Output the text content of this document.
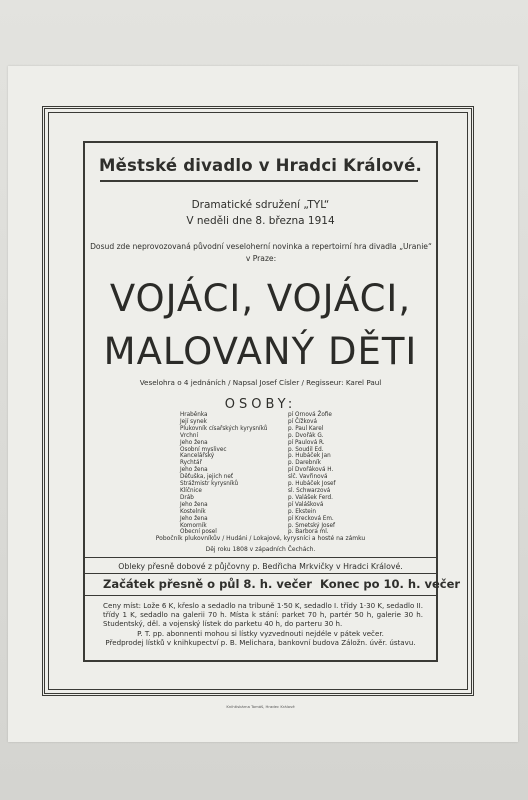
Městské divadlo v Hradci Králové.
Dramatické sdružení „TYL“
V neděli dne 8. března 1914
Dosud zde neprovozovaná původní veseloherní novinka a repertoirní hra divadla „Uranie“ v Praze:
VOJÁCI, VOJÁCI,
MALOVANÝ DĚTI
Veselohra o 4 jednáních / Napsal Josef Císler / Regisseur: Karel Paul
OSOBY:
Hraběnka
Její synek
Plukovník císařských kyrysníků
Vrchní
Jeho žena
Osobní myslivec
Kancelářský
Rychtář
Jeho žena
Děťuška, jejich neť
Strážmistr kyrysníků
Klíčnice
Dráb
Jeho žena
Kostelník
Jeho žena
Komorník
Obecní posel
pí Ornová Žofie
pí Čížková
p. Paul Karel
p. Dvořák G.
pí Paulová R.
p. Soudil Ed.
p. Hubáček Jan
p. Darebník
pí Dvořáková H.
slč. Vavřinová
p. Hubáček Josef
sl. Schwarzová
p. Valášek Ferd.
pí Valášková
p. Ekstein
pí Krecková Em.
p. Smetský Josef
p. Barbora ml.
Pobočník plukovníkův / Hudáni / Lokajové, kyrysníci a hosté na zámku
Děj roku 1808 v západních Čechách.
Obleky přesně dobové z půjčovny p. Bedřicha Mrkvičky v Hradci Králové.
Začátek přesně o půl 8. h. večer Konec po 10. h. večer
Ceny míst: Lože 6 K, křeslo a sedadlo na tribuně 1·50 K, sedadlo I. třídy 1·30 K, sedadlo II. třídy 1 K, sedadlo na galerii 70 h. Místa k stání: parket 70 h, partér 50 h, galerie 30 h. Studentský, děl. a vojenský lístek do parketu 40 h, do parteru 30 h.
P. T. pp. abonnenti mohou si lístky vyzvednouti nejdéle v pátek večer.
Předprodej lístků v knihkupectví p. B. Melichara, bankovní budova Záložn. úvěr. ústavu.
Knihtiskárna Tomáš, Hradec Králové
